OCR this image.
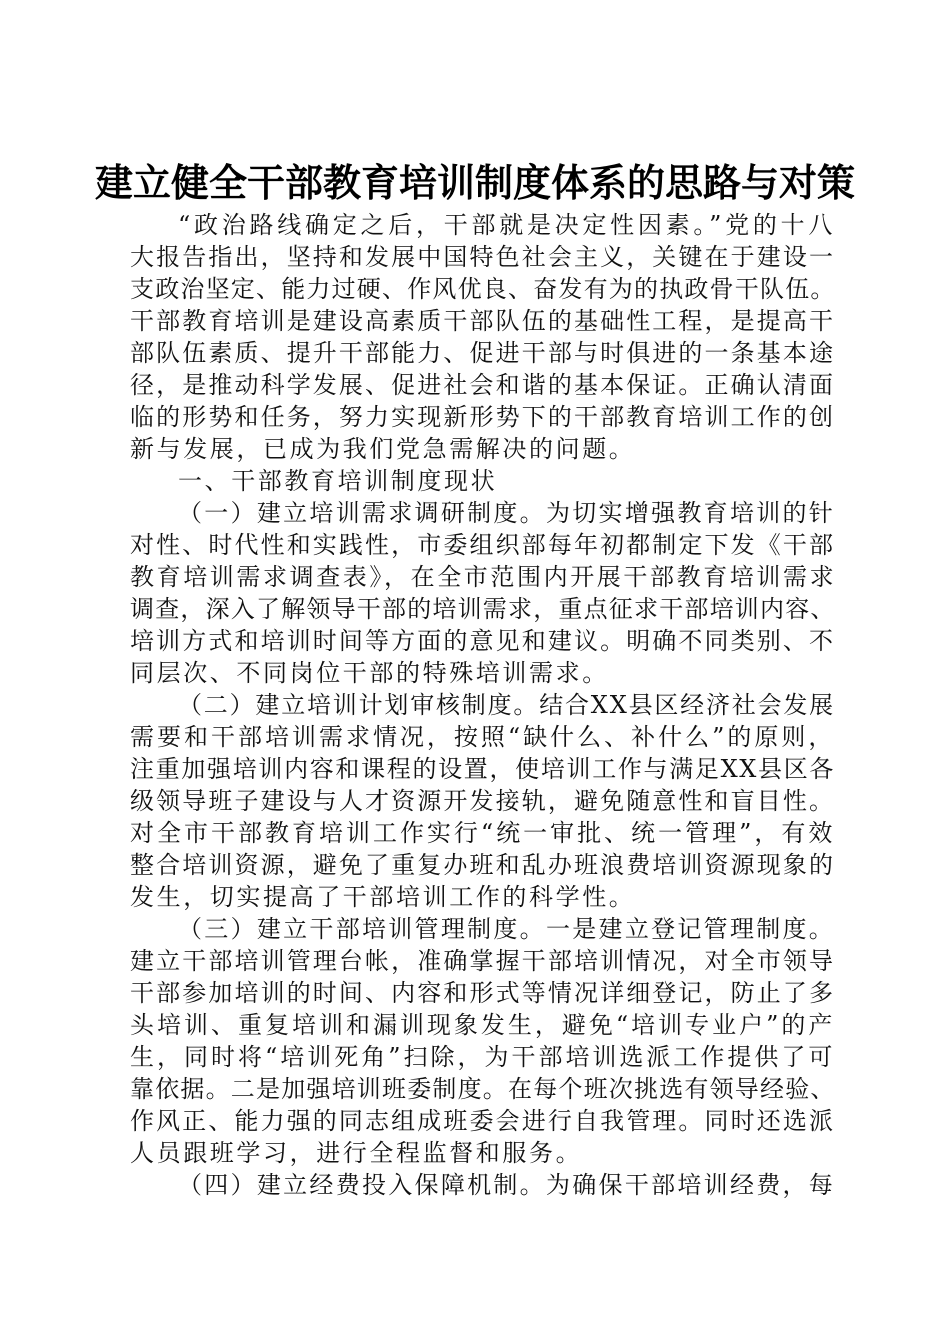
建立健全干部教育培训制度体系的思路与对策
“政治路线确定之后，干部就是决定性因素。”党的十八
大报告指出，坚持和发展中国特色社会主义，关键在于建设一
支政治坚定、能力过硬、作风优良、奋发有为的执政骨干队伍。
干部教育培训是建设高素质干部队伍的基础性工程，是提高干
部队伍素质、提升干部能力、促进干部与时俱进的一条基本途
径，是推动科学发展、促进社会和谐的基本保证。正确认清面
临的形势和任务，努力实现新形势下的干部教育培训工作的创
新与发展，已成为我们党急需解决的问题。
一、干部教育培训制度现状
（一）建立培训需求调研制度。为切实增强教育培训的针
对性、时代性和实践性，市委组织部每年初都制定下发《干部
教育培训需求调查表》，在全市范围内开展干部教育培训需求
调查，深入了解领导干部的培训需求，重点征求干部培训内容、
培训方式和培训时间等方面的意见和建议。明确不同类别、不
同层次、不同岗位干部的特殊培训需求。
（二）建立培训计划审核制度。结合XX县区经济社会发展
需要和干部培训需求情况，按照“缺什么、补什么”的原则，
注重加强培训内容和课程的设置，使培训工作与满足XX县区各
级领导班子建设与人才资源开发接轨，避免随意性和盲目性。
对全市干部教育培训工作实行“统一审批、统一管理”，有效
整合培训资源，避免了重复办班和乱办班浪费培训资源现象的
发生，切实提高了干部培训工作的科学性。
（三）建立干部培训管理制度。一是建立登记管理制度。
建立干部培训管理台帐，准确掌握干部培训情况，对全市领导
干部参加培训的时间、内容和形式等情况详细登记，防止了多
头培训、重复培训和漏训现象发生，避免“培训专业户”的产
生，同时将“培训死角”扫除，为干部培训选派工作提供了可
靠依据。二是加强培训班委制度。在每个班次挑选有领导经验、
作风正、能力强的同志组成班委会进行自我管理。同时还选派
人员跟班学习，进行全程监督和服务。
（四）建立经费投入保障机制。为确保干部培训经费，每
